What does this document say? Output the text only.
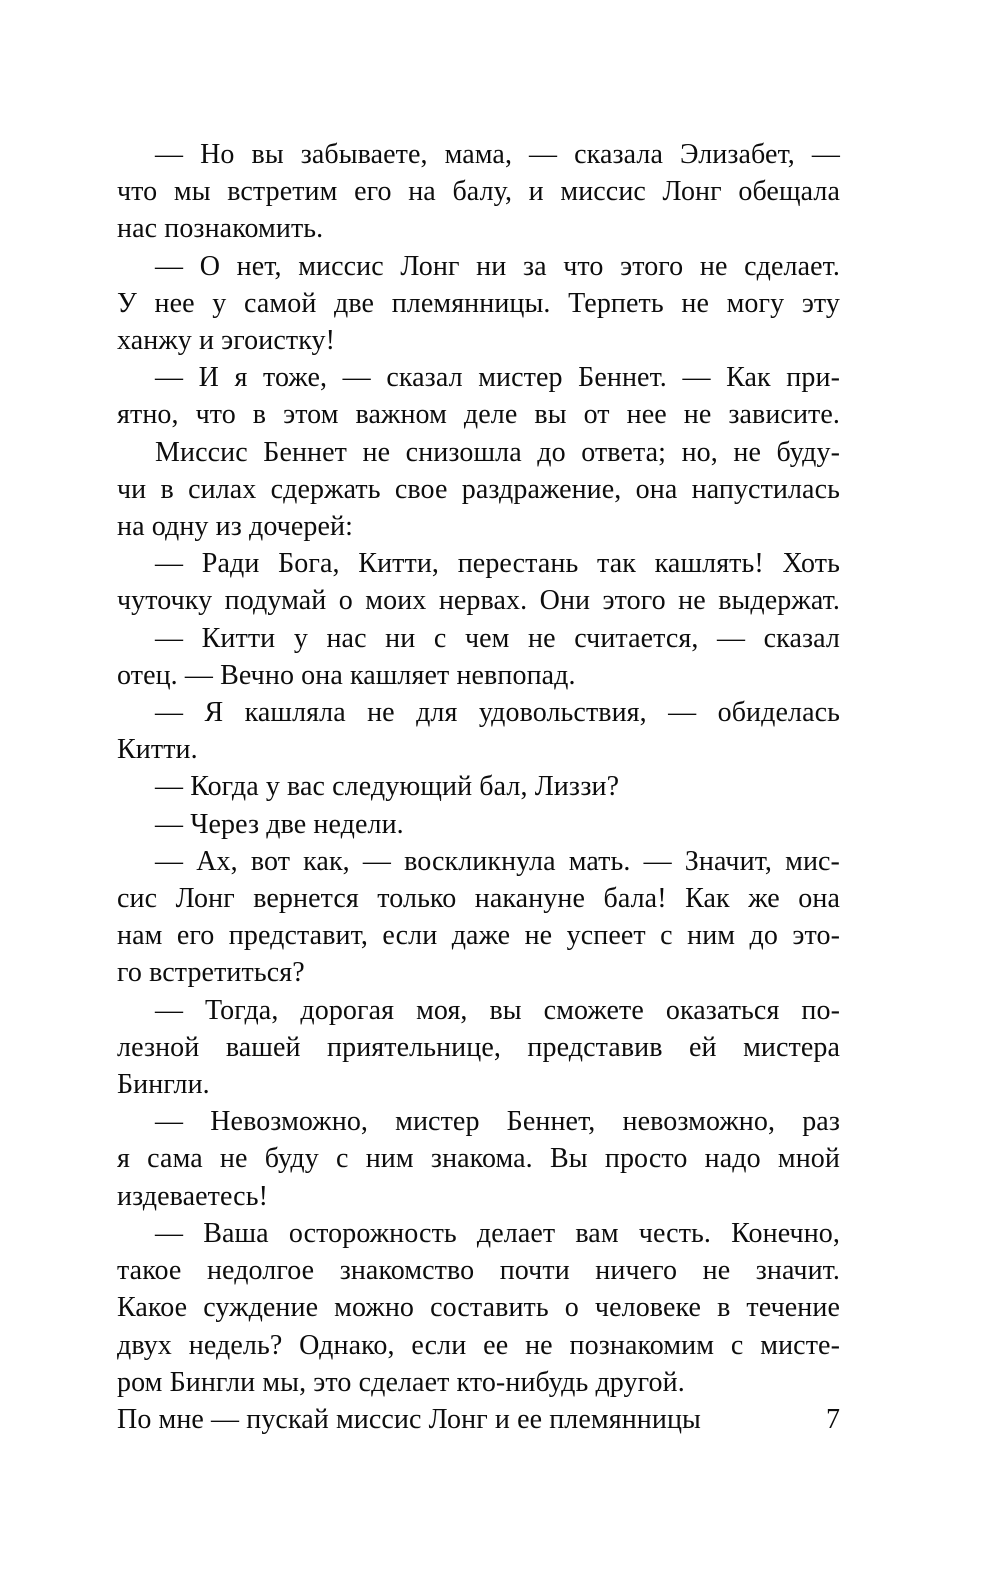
— Но вы забываете, мама, — сказала Элизабет, —
что мы встретим его на балу, и миссис Лонг обещала
нас познакомить.
— О нет, миссис Лонг ни за что этого не сделает.
У нее у самой две племянницы. Терпеть не могу эту
ханжу и эгоистку!
— И я тоже, — сказал мистер Беннет. — Как при-
ятно, что в этом важном деле вы от нее не зависите.
Миссис Беннет не снизошла до ответа; но, не буду-
чи в силах сдержать свое раздражение, она напустилась
на одну из дочерей:
— Ради Бога, Китти, перестань так кашлять! Хоть
чуточку подумай о моих нервах. Они этого не выдержат.
— Китти у нас ни с чем не считается, — сказал
отец. — Вечно она кашляет невпопад.
— Я кашляла не для удовольствия, — обиделась
Китти.
— Когда у вас следующий бал, Лиззи?
— Через две недели.
— Ах, вот как, — воскликнула мать. — Значит, мис-
сис Лонг вернется только накануне бала! Как же она
нам его представит, если даже не успеет с ним до это-
го встретиться?
— Тогда, дорогая моя, вы сможете оказаться по-
лезной вашей приятельнице, представив ей мистера
Бингли.
— Невозможно, мистер Беннет, невозможно, раз
я сама не буду с ним знакома. Вы просто надо мной
издеваетесь!
— Ваша осторожность делает вам честь. Конечно,
такое недолгое знакомство почти ничего не значит.
Какое суждение можно составить о человеке в течение
двух недель? Однако, если ее не познакомим с мисте-
ром Бингли мы, это сделает кто-нибудь другой.
По мне — пускай миссис Лонг и ее племянницы	7
